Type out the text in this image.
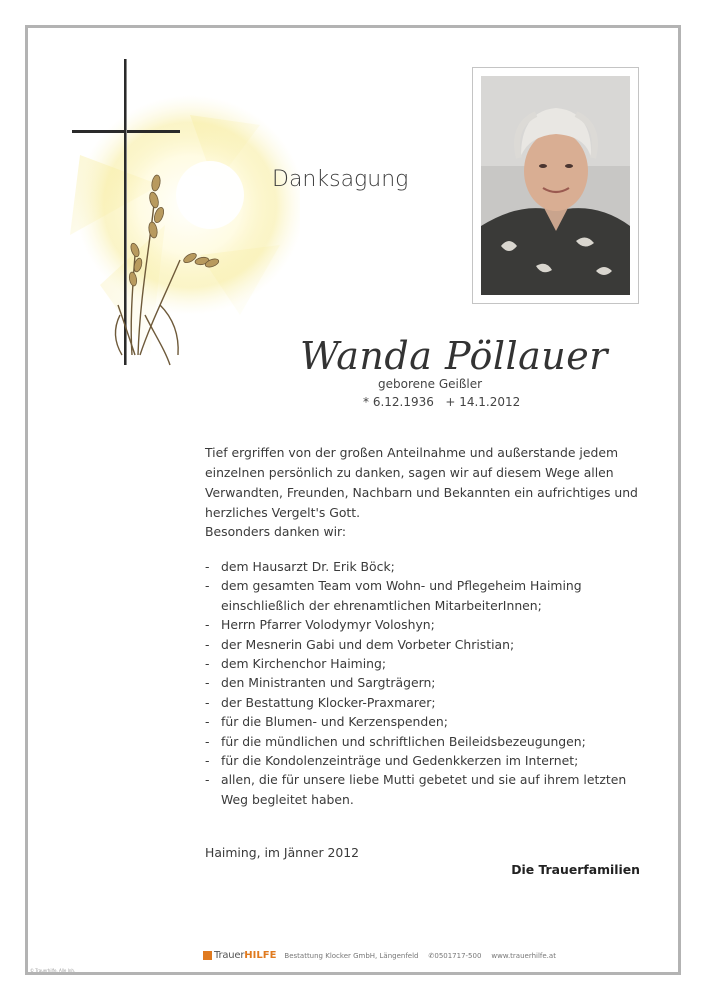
Danksagung
Wanda Pöllauer
geborene Geißler
* 6.12.1936   + 14.1.2012
Tief ergriffen von der großen Anteilnahme und außerstande jedem einzelnen persönlich zu danken, sagen wir auf diesem Wege allen Verwandten, Freunden, Nachbarn und Bekannten ein aufrichtiges und herzliches Vergelt's Gott.
Besonders danken wir:
- dem Hausarzt Dr. Erik Böck;
- dem gesamten Team vom Wohn- und Pflegeheim Haiming einschließlich der ehrenamtlichen MitarbeiterInnen;
- Herrn Pfarrer Volodymyr Voloshyn;
- der Mesnerin Gabi und dem Vorbeter Christian;
- dem Kirchenchor Haiming;
- den Ministranten und Sargträgern;
- der Bestattung Klocker-Praxmarer;
- für die Blumen- und Kerzenspenden;
- für die mündlichen und schriftlichen Beileidsbezeugungen;
- für die Kondolenzeinträge und Gedenkkerzen im Internet;
- allen, die für unsere liebe Mutti gebetet und sie auf ihrem letzten Weg begleitet haben.
Haiming, im Jänner 2012
Die Trauerfamilien
Trauer HILFE Bestattung Klocker GmbH, Längenfeld ✆ 0501717-500 www.trauerhilfe.at
© Trauerhilfe. Alle Inh.
